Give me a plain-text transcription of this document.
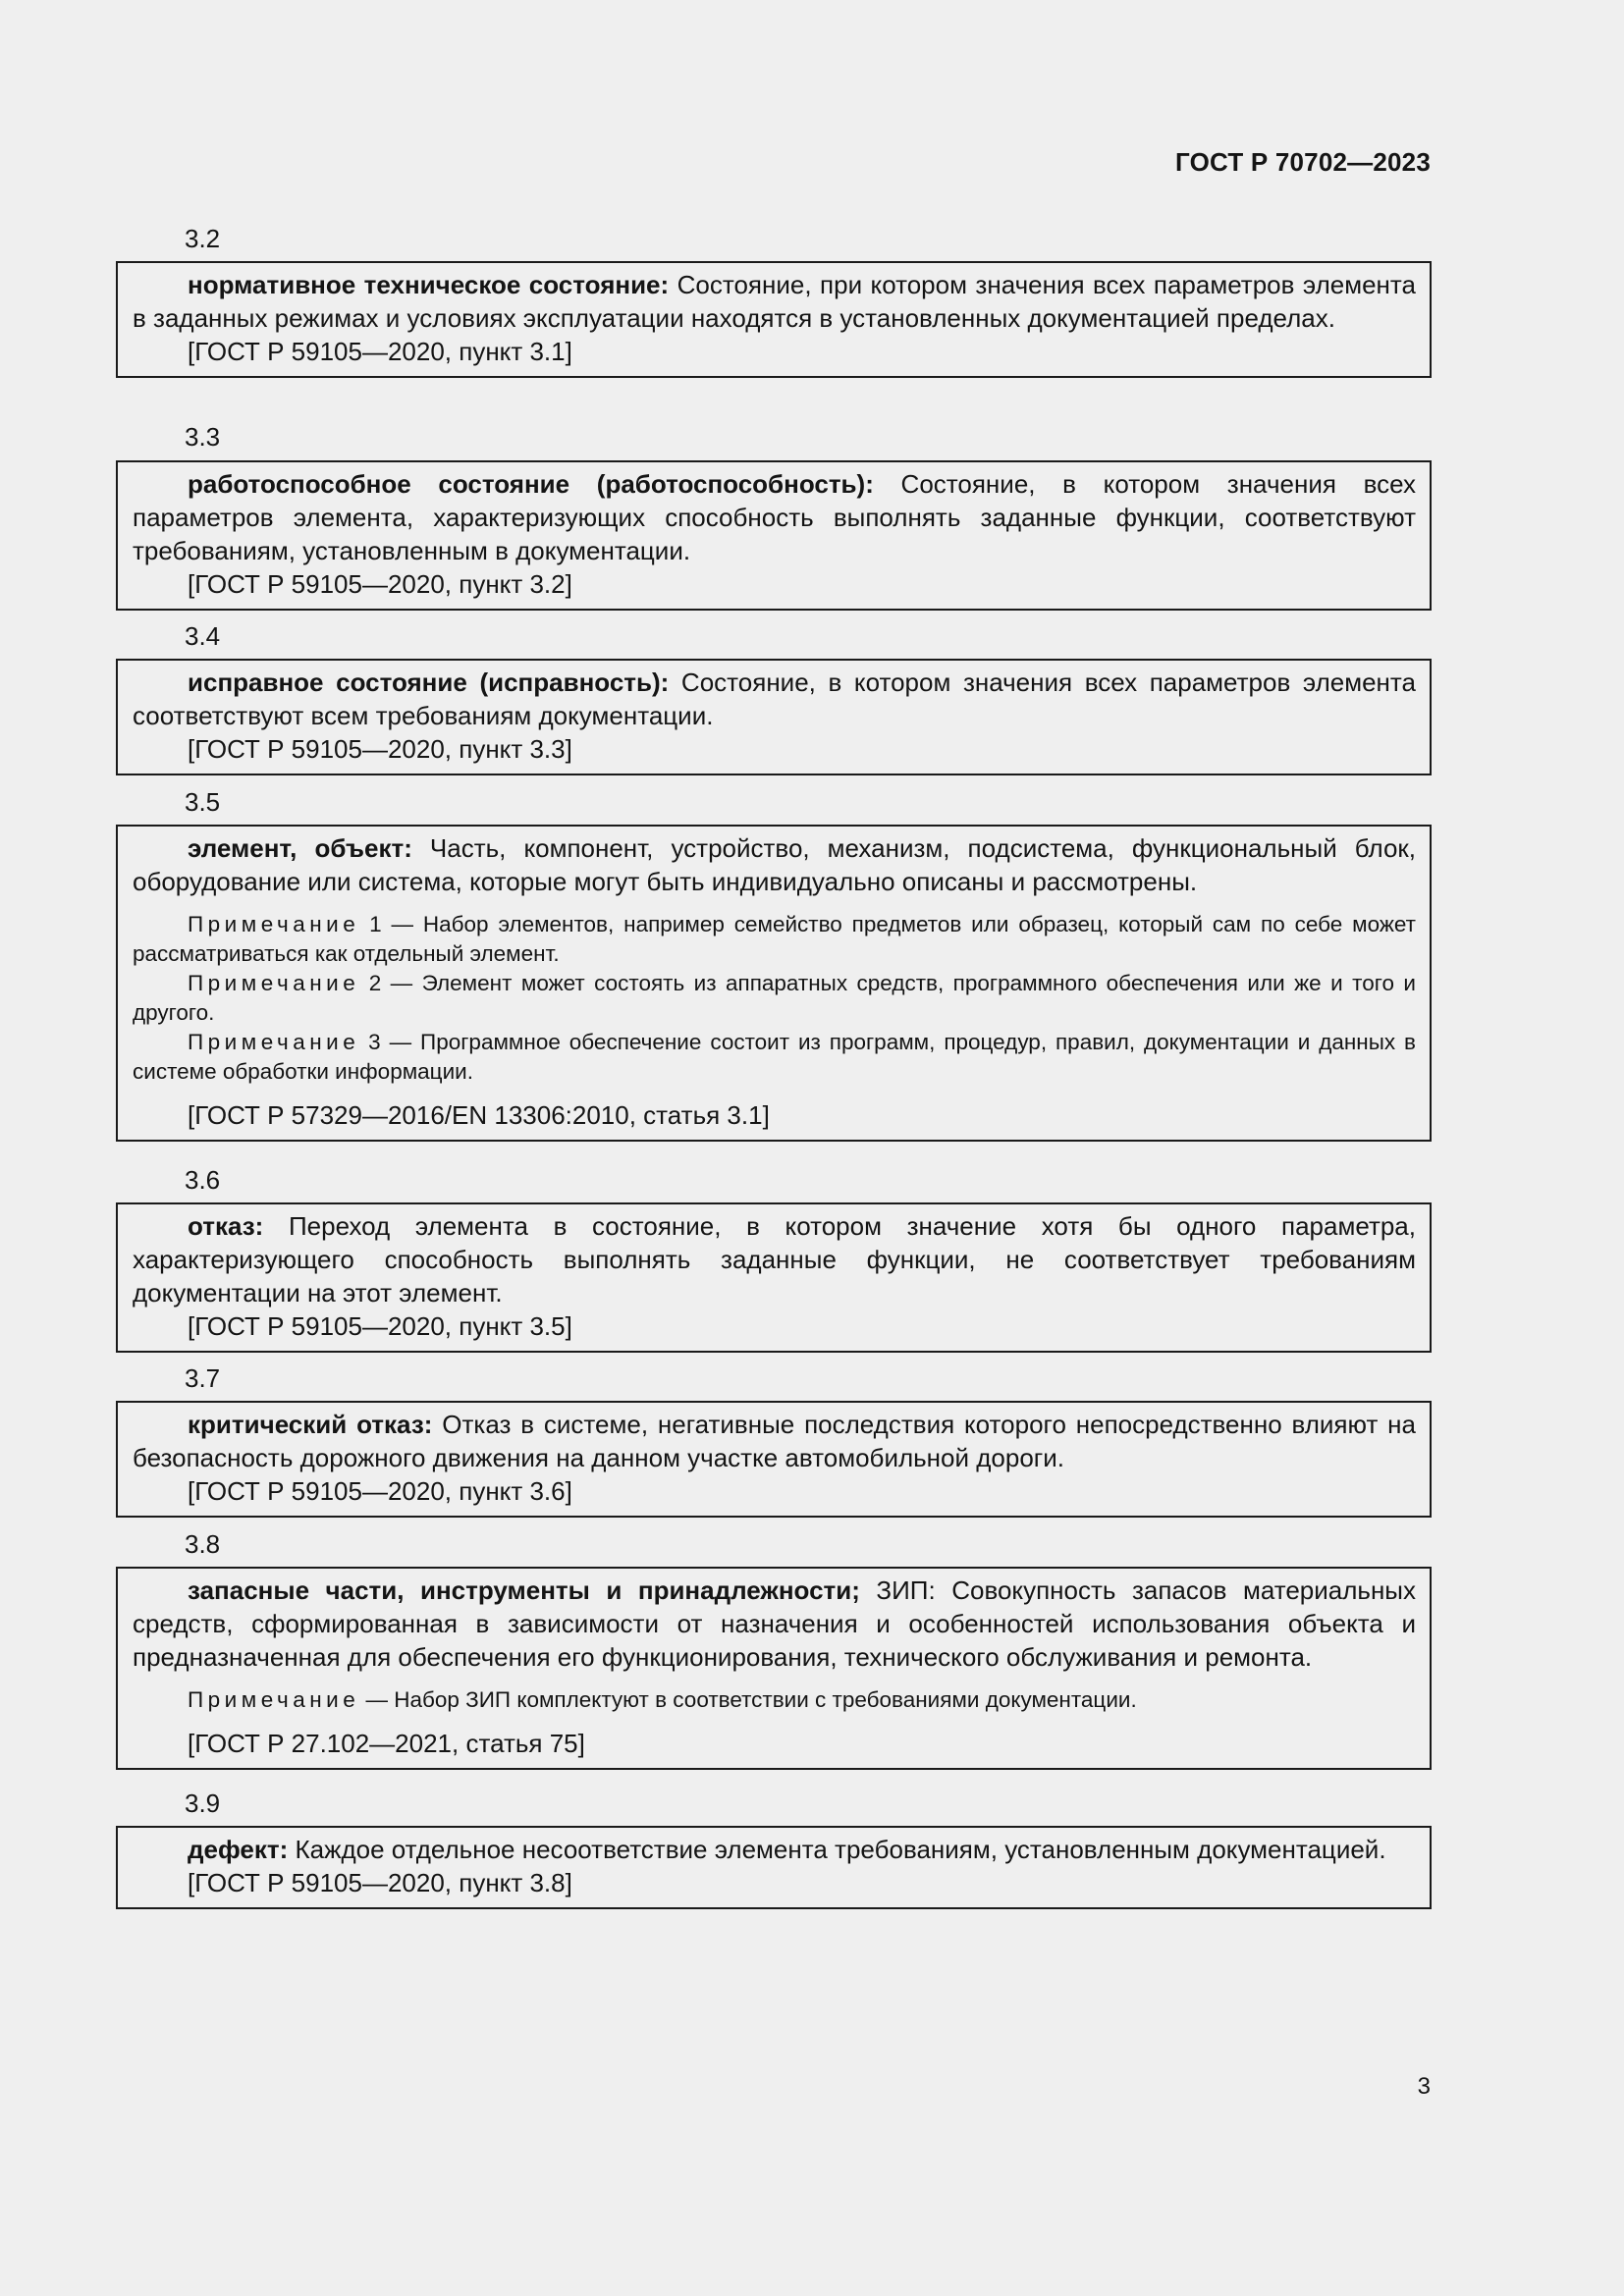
ГОСТ Р 70702—2023
3.2

нормативное техническое состояние: Состояние, при котором значения всех параметров элемента в заданных режимах и условиях эксплуатации находятся в установленных документацией пределах.

[ГОСТ Р 59105—2020, пункт 3.1]

3.3

работоспособное состояние (работоспособность): Состояние, в котором значения всех параметров элемента, характеризующих способность выполнять заданные функции, соответствуют требованиям, установленным в документации.

[ГОСТ Р 59105—2020, пункт 3.2]

3.4

исправное состояние (исправность): Состояние, в котором значения всех параметров элемента соответствуют всем требованиям документации.

[ГОСТ Р 59105—2020, пункт 3.3]

3.5

элемент, объект: Часть, компонент, устройство, механизм, подсистема, функциональный блок, оборудование или система, которые могут быть индивидуально описаны и рассмотрены.

Примечание 1 — Набор элементов, например семейство предметов или образец, который сам по себе может рассматриваться как отдельный элемент.

Примечание 2 — Элемент может состоять из аппаратных средств, программного обеспечения или же и того и другого.

Примечание 3 — Программное обеспечение состоит из программ, процедур, правил, документации и данных в системе обработки информации.

[ГОСТ Р 57329—2016/EN 13306:2010, статья 3.1]

3.6

отказ: Переход элемента в состояние, в котором значение хотя бы одного параметра, характеризующего способность выполнять заданные функции, не соответствует требованиям документации на этот элемент.

[ГОСТ Р 59105—2020, пункт 3.5]

3.7

критический отказ: Отказ в системе, негативные последствия которого непосредственно влияют на безопасность дорожного движения на данном участке автомобильной дороги.

[ГОСТ Р 59105—2020, пункт 3.6]

3.8

запасные части, инструменты и принадлежности; ЗИП: Совокупность запасов материальных средств, сформированная в зависимости от назначения и особенностей использования объекта и предназначенная для обеспечения его функционирования, технического обслуживания и ремонта.

Примечание — Набор ЗИП комплектуют в соответствии с требованиями документации.

[ГОСТ Р 27.102—2021, статья 75]

3.9

дефект: Каждое отдельное несоответствие элемента требованиям, установленным документацией.

[ГОСТ Р 59105—2020, пункт 3.8]

3
